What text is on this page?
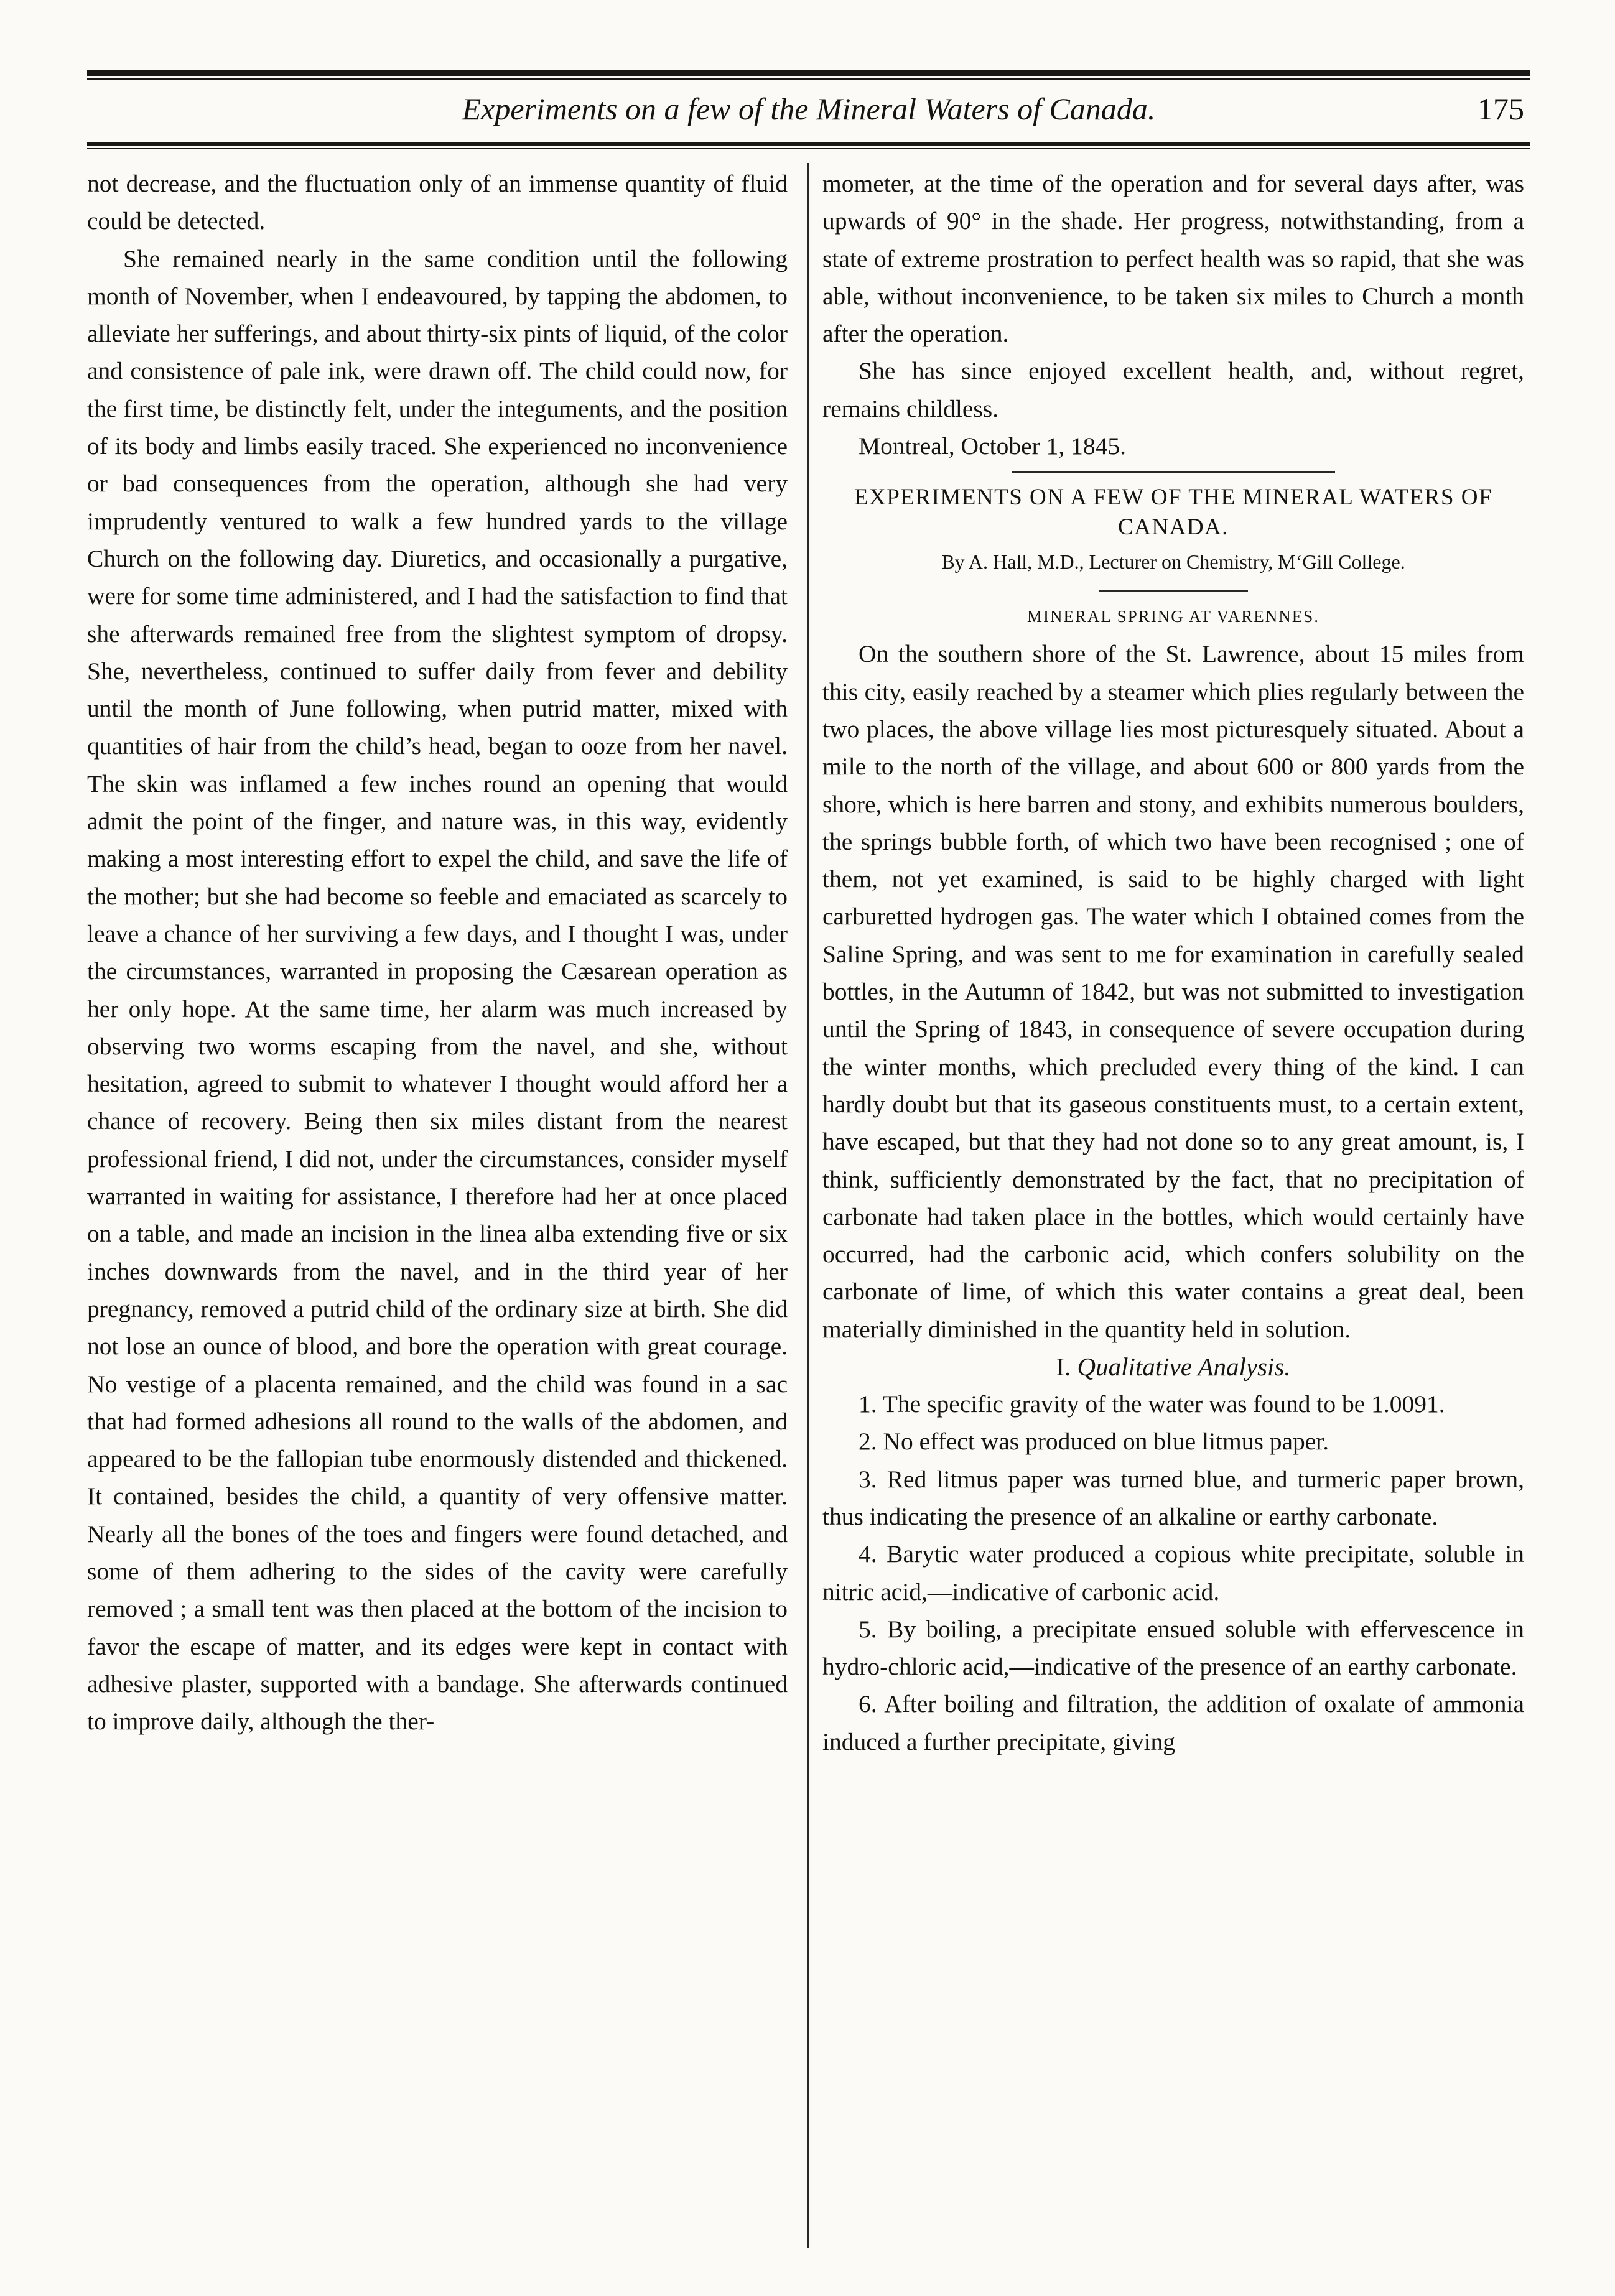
Experiments on a few of the Mineral Waters of Canada.	175

not decrease, and the fluctuation only of an immense quantity of fluid could be detected.

She remained nearly in the same condition until the following month of November, when I endeavoured, by tapping the abdomen, to alleviate her sufferings, and about thirty-six pints of liquid, of the color and consistence of pale ink, were drawn off. The child could now, for the first time, be distinctly felt, under the integuments, and the position of its body and limbs easily traced. She experienced no inconvenience or bad consequences from the operation, although she had very imprudently ventured to walk a few hundred yards to the village Church on the following day. Diuretics, and occasionally a purgative, were for some time administered, and I had the satisfaction to find that she afterwards remained free from the slightest symptom of dropsy. She, nevertheless, continued to suffer daily from fever and debility until the month of June following, when putrid matter, mixed with quantities of hair from the child’s head, began to ooze from her navel. The skin was inflamed a few inches round an opening that would admit the point of the finger, and nature was, in this way, evidently making a most interesting effort to expel the child, and save the life of the mother; but she had become so feeble and emaciated as scarcely to leave a chance of her surviving a few days, and I thought I was, under the circumstances, warranted in proposing the Cæsarean operation as her only hope. At the same time, her alarm was much increased by observing two worms escaping from the navel, and she, without hesitation, agreed to submit to whatever I thought would afford her a chance of recovery. Being then six miles distant from the nearest professional friend, I did not, under the circumstances, consider myself warranted in waiting for assistance, I therefore had her at once placed on a table, and made an incision in the linea alba extending five or six inches downwards from the navel, and in the third year of her pregnancy, removed a putrid child of the ordinary size at birth. She did not lose an ounce of blood, and bore the operation with great courage. No vestige of a placenta remained, and the child was found in a sac that had formed adhesions all round to the walls of the abdomen, and appeared to be the fallopian tube enormously distended and thickened. It contained, besides the child, a quantity of very offensive matter. Nearly all the bones of the toes and fingers were found detached, and some of them adhering to the sides of the cavity were carefully removed ; a small tent was then placed at the bottom of the incision to favor the escape of matter, and its edges were kept in contact with adhesive plaster, supported with a bandage. She afterwards continued to improve daily, although the ther-

mometer, at the time of the operation and for several days after, was upwards of 90° in the shade. Her progress, notwithstanding, from a state of extreme prostration to perfect health was so rapid, that she was able, without inconvenience, to be taken six miles to Church a month after the operation.

She has since enjoyed excellent health, and, without regret, remains childless.

Montreal, October 1, 1845.

EXPERIMENTS ON A FEW OF THE MINERAL WATERS OF CANADA.
By A. Hall, M.D., Lecturer on Chemistry, M‘Gill College.
MINERAL SPRING AT VARENNES.

On the southern shore of the St. Lawrence, about 15 miles from this city, easily reached by a steamer which plies regularly between the two places, the above village lies most picturesquely situated. About a mile to the north of the village, and about 600 or 800 yards from the shore, which is here barren and stony, and exhibits numerous boulders, the springs bubble forth, of which two have been recognised ; one of them, not yet examined, is said to be highly charged with light carburetted hydrogen gas. The water which I obtained comes from the Saline Spring, and was sent to me for examination in carefully sealed bottles, in the Autumn of 1842, but was not submitted to investigation until the Spring of 1843, in consequence of severe occupation during the winter months, which precluded every thing of the kind. I can hardly doubt but that its gaseous constituents must, to a certain extent, have escaped, but that they had not done so to any great amount, is, I think, sufficiently demonstrated by the fact, that no precipitation of carbonate had taken place in the bottles, which would certainly have occurred, had the carbonic acid, which confers solubility on the carbonate of lime, of which this water contains a great deal, been materially diminished in the quantity held in solution.

I. Qualitative Analysis.

1. The specific gravity of the water was found to be 1.0091.

2. No effect was produced on blue litmus paper.

3. Red litmus paper was turned blue, and turmeric paper brown, thus indicating the presence of an alkaline or earthy carbonate.

4. Barytic water produced a copious white precipitate, soluble in nitric acid,—indicative of carbonic acid.

5. By boiling, a precipitate ensued soluble with effervescence in hydro-chloric acid,—indicative of the presence of an earthy carbonate.

6. After boiling and filtration, the addition of oxalate of ammonia induced a further precipitate, giving
